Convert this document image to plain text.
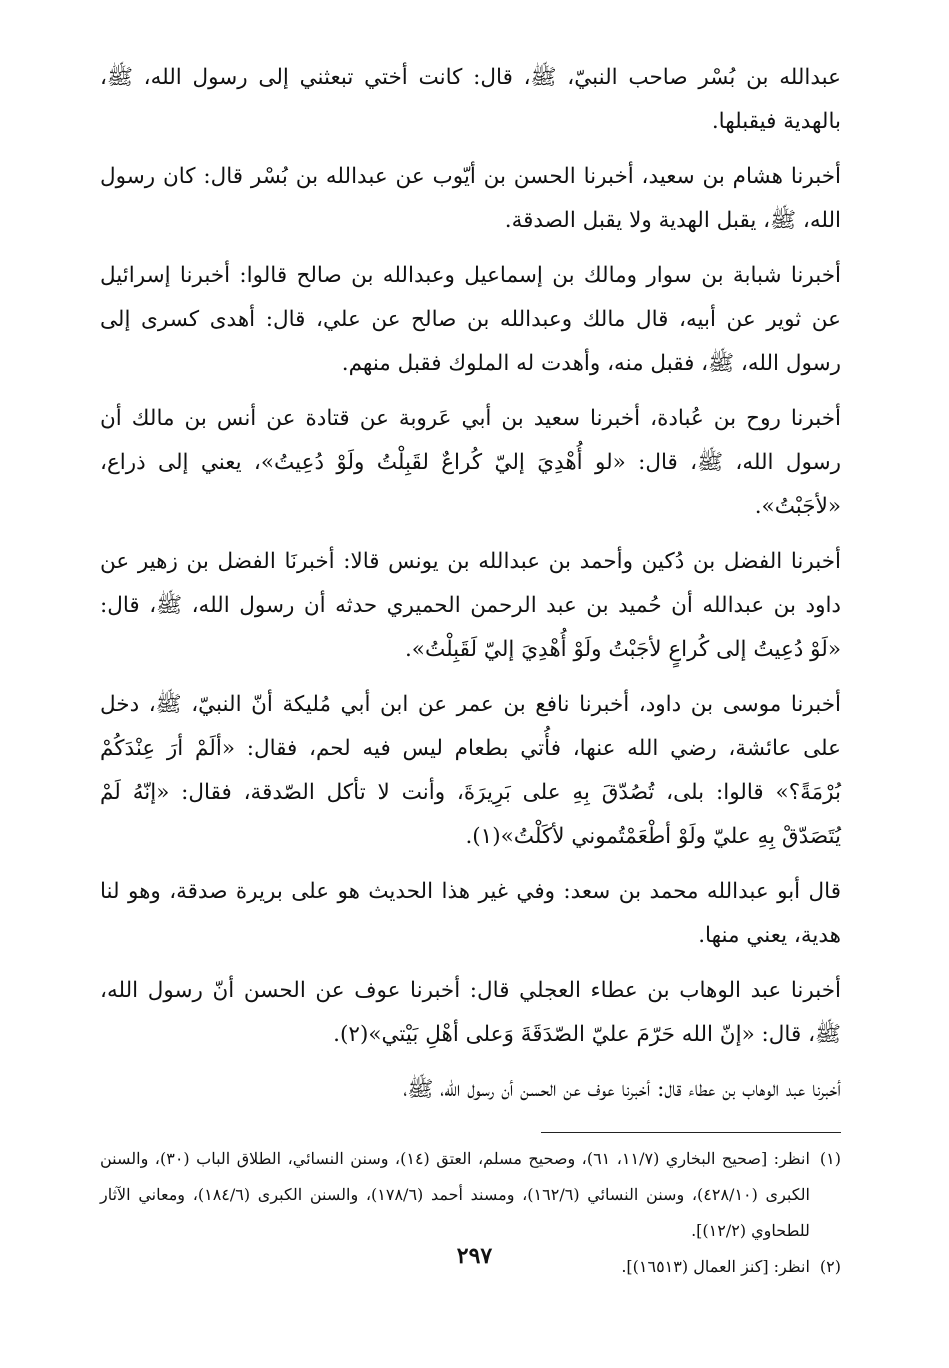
عبدالله بن بُسْر صاحب النبيّ، ﷺ، قال: كانت أختي تبعثني إلى رسول الله، ﷺ، بالهدية فيقبلها.

أخبرنا هشام بن سعيد، أخبرنا الحسن بن أيّوب عن عبدالله بن بُسْر قال: كان رسول الله، ﷺ، يقبل الهدية ولا يقبل الصدقة.

أخبرنا شبابة بن سوار ومالك بن إسماعيل وعبدالله بن صالح قالوا: أخبرنا إسرائيل عن ثوير عن أبيه، قال مالك وعبدالله بن صالح عن علي، قال: أهدى كسرى إلى رسول الله، ﷺ، فقبل منه، وأهدت له الملوك فقبل منهم.

أخبرنا روح بن عُبادة، أخبرنا سعيد بن أبي عَروبة عن قتادة عن أنس بن مالك أن رسول الله، ﷺ، قال: «لو أُهْدِيَ إليّ كُراعٌ لقَبِلْتُ ولَوْ دُعِيتُ»، يعني إلى ذراع، «لأجَبْتُ».

أخبرنا الفضل بن دُكين وأحمد بن عبدالله بن يونس قالا: أخبرنَا الفضل بن زهير عن داود بن عبدالله أن حُميد بن عبد الرحمن الحميري حدثه أن رسول الله، ﷺ، قال: «لَوْ دُعِيتُ إلى كُراعٍ لأجَبْتُ ولَوْ أُهْدِيَ إليّ لَقَبِلْتُ».

أخبرنا موسى بن داود، أخبرنا نافع بن عمر عن ابن أبي مُليكة أنّ النبيّ، ﷺ، دخل على عائشة، رضي الله عنها، فأُتي بطعام ليس فيه لحم، فقال: «ألَمْ أرَ عِنْدَكُمْ بُرْمَةً؟» قالوا: بلى، تُصُدّقَ بِهِ على بَرِيرَةَ، وأنت لا تأكل الصّدقة، فقال: «إنّهُ لَمْ يُتَصَدّقْ بِهِ عليّ ولَوْ أطْعَمْتُموني لأكَلْتُ»(١).

قال أبو عبدالله محمد بن سعد: وفي غير هذا الحديث هو على بريرة صدقة، وهو لنا هدية، يعني منها.

أخبرنا عبد الوهاب بن عطاء العجلي قال: أخبرنا عوف عن الحسن أنّ رسول الله، ﷺ، قال: «إنّ الله حَرّمَ عليّ الصّدَقَةَ وَعلى أهْلِ بَيْتي»(٢).

أخبرنا عبد الوهاب بن عطاء قال: أخبرنا عوف عن الحسن أن رسول الله، ﷺ،

(١)
انظر: [صحيح البخاري (١١/٧، ٦١)، وصحيح مسلم، العتق (١٤)، وسنن النسائي، الطلاق الباب (٣٠)، والسنن الكبرى (٤٢٨/١٠)، وسنن النسائي (١٦٢/٦)، ومسند أحمد (١٧٨/٦)، والسنن الكبرى (١٨٤/٦)، ومعاني الآثار للطحاوي (١٢/٢)].

(٢)
انظر: [كنز العمال (١٦٥١٣)].

٢٩٧
